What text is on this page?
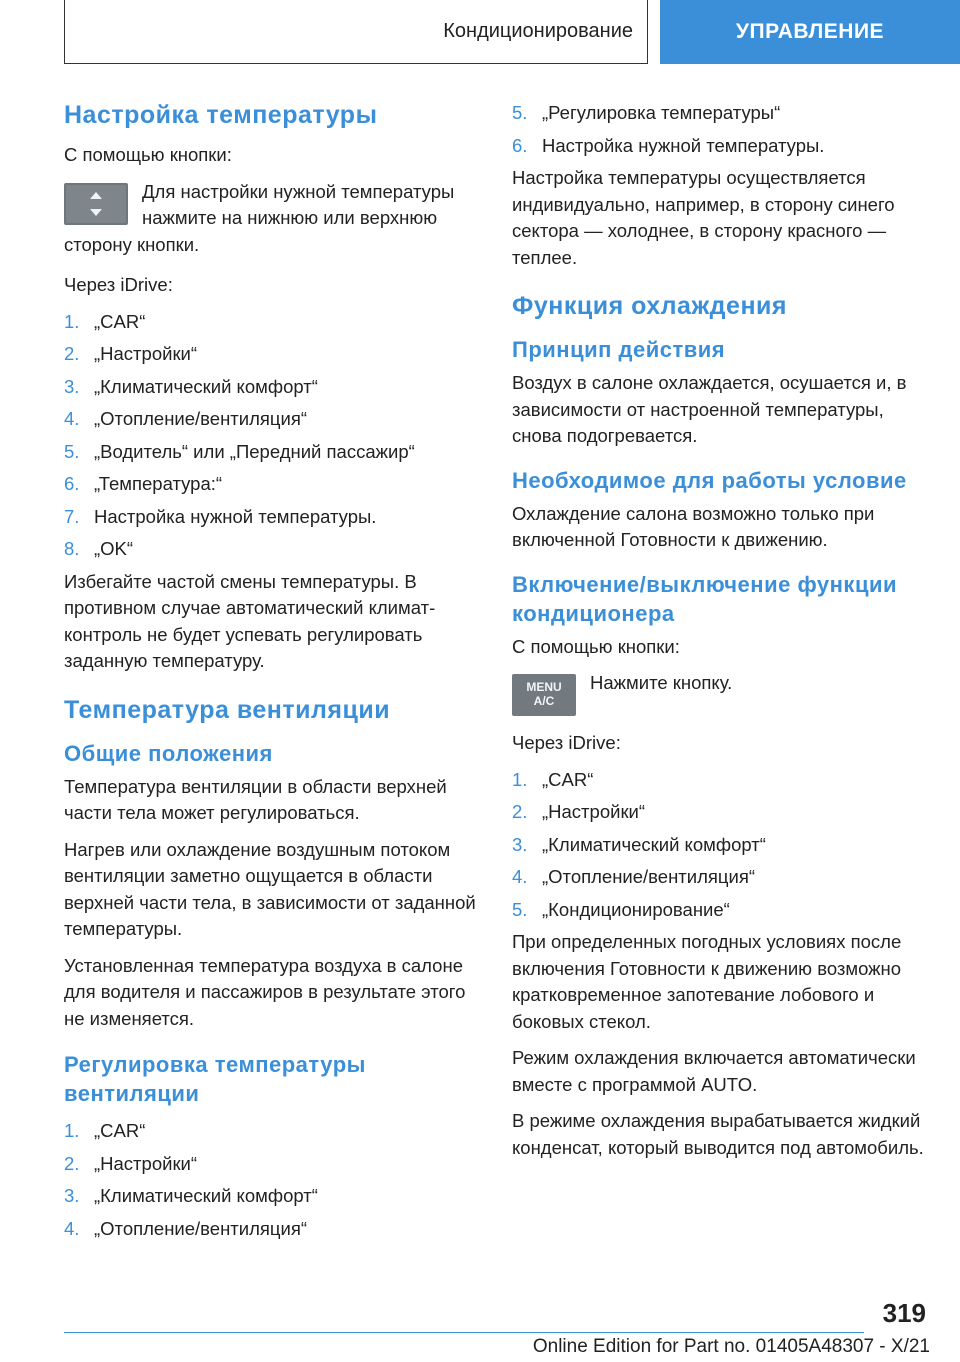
Кондиционирование	УПРАВЛЕНИЕ
Настройка температуры

С помощью кнопки:

Для настройки нужной температуры нажмите на нижнюю или верхнюю сторону кнопки.

Через iDrive:

1. „CAR“
2. „Настройки“
3. „Климатический комфорт“
4. „Отопление/вентиляция“
5. „Водитель“ или „Передний пассажир“
6. „Температура:“
7. Настройка нужной температуры.
8. „OK“

Избегайте частой смены температуры. В противном случае автоматический климат-контроль не будет успевать регулировать заданную температуру.

Температура вентиляции
Общие положения

Температура вентиляции в области верхней части тела может регулироваться.

Нагрев или охлаждение воздушным потоком вентиляции заметно ощущается в области верхней части тела, в зависимости от заданной температуры.

Установленная температура воздуха в салоне для водителя и пассажиров в результате этого не изменяется.

Регулировка температуры вентиляции
1. „CAR“
2. „Настройки“
3. „Климатический комфорт“
4. „Отопление/вентиляция“
5. „Регулировка температуры“
6. Настройка нужной температуры.

Настройка температуры осуществляется индивидуально, например, в сторону синего сектора — холоднее, в сторону красного — теплее.

Функция охлаждения
Принцип действия

Воздух в салоне охлаждается, осушается и, в зависимости от настроенной температуры, снова подогревается.

Необходимое для работы условие

Охлаждение салона возможно только при включенной Готовности к движению.

Включение/выключение функции кондиционера

С помощью кнопки:

MENU
A/C

Нажмите кнопку.

Через iDrive:

1. „CAR“
2. „Настройки“
3. „Климатический комфорт“
4. „Отопление/вентиляция“
5. „Кондиционирование“

При определенных погодных условиях после включения Готовности к движению возможно кратковременное запотевание лобового и боковых стекол.

Режим охлаждения включается автоматически вместе с программой AUTO.

В режиме охлаждения вырабатывается жидкий конденсат, который выводится под автомобиль.

319
Online Edition for Part no. 01405A48307 - X/21
